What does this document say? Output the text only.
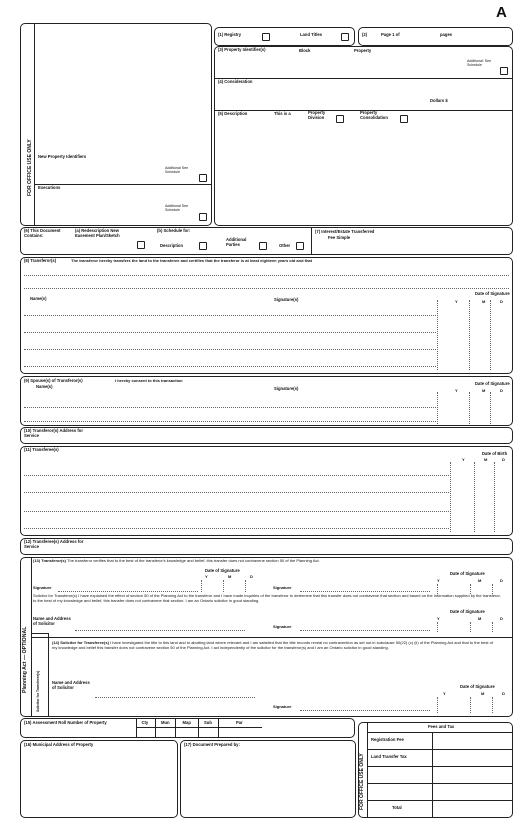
A
FOR OFFICE USE ONLY New Property Identifiers
Additional See Schedule
Executions
Additional See Schedule
(1) Registry	Land Titles	(2)	Page 1 of	pages
(3) Property Identifier(s)	Block	Property
Additional: See Schedule
(4) Consideration
Dollars $
(5) Description	This is a	Property Division
Property Consolidation
(6) This Document Contains:
(a) Redescription New Easement Plan/Sketch
(b) Schedule for:
Description
Additional Parties	Other
(7) Interest/Estate Transferred
Fee Simple
(8) Transferor(s)	The transferor hereby transfers the land to the transferee and certifies that the transferor is at least eighteen years old and that
Name(s)	Signature(s)
Date of Signature
Y	M	D
(9) Spouse(s) of Transferor(s)	I hereby consent to this transaction
Name(s)	Signature(s)
Date of Signature
Y	M	D
(10) Transferor(s) Address for Service
(11) Transferee(s)
Date of Birth
Y	M	D
(12) Transferee(s) Address for Service
Planning Act — OPTIONAL Solicitor for Transferee(s)
(13) Transferor(s) The transferor verifies that to the best of the transferor's knowledge and belief, this transfer does not contravene section 50 of the Planning Act.
Date of Signature
Y	M	D
Date of Signature
Y	M	D
Signature	Signature
Solicitor for Transferor(s) I have explained the effect of section 50 of the Planning Act to the transferor and I have made inquiries of the transferor to determine that this transfer does not contravene that section and based on the information supplied by the transferor, to the best of my knowledge and belief, this transfer does not contravene that section. I am an Ontario solicitor in good standing.
Date of Signature
Y	M	D
Name and Address of Solicitor
Signature
(14) Solicitor for Transferee(s) I have investigated the title to this land and to abutting land where relevant and I am satisfied that the title records reveal no contravention as set out in subclause 50(22) (c) (ii) of the Planning Act and that to the best of my knowledge and belief this transfer does not contravene section 50 of the Planning Act. I act independently of the solicitor for the transferor(s) and I am an Ontario solicitor in good standing.
Name and Address of Solicitor	Date of Signature
Y	M	D
Signature
(15) Assessment Roll Number of Property	Cty	Mun	Map	Sub	Par
(16) Municipal Address of Property	(17) Document Prepared by:
FOR OFFICE USE ONLY
Fees and Tax
Registration Fee
Land Transfer Tax
Total
